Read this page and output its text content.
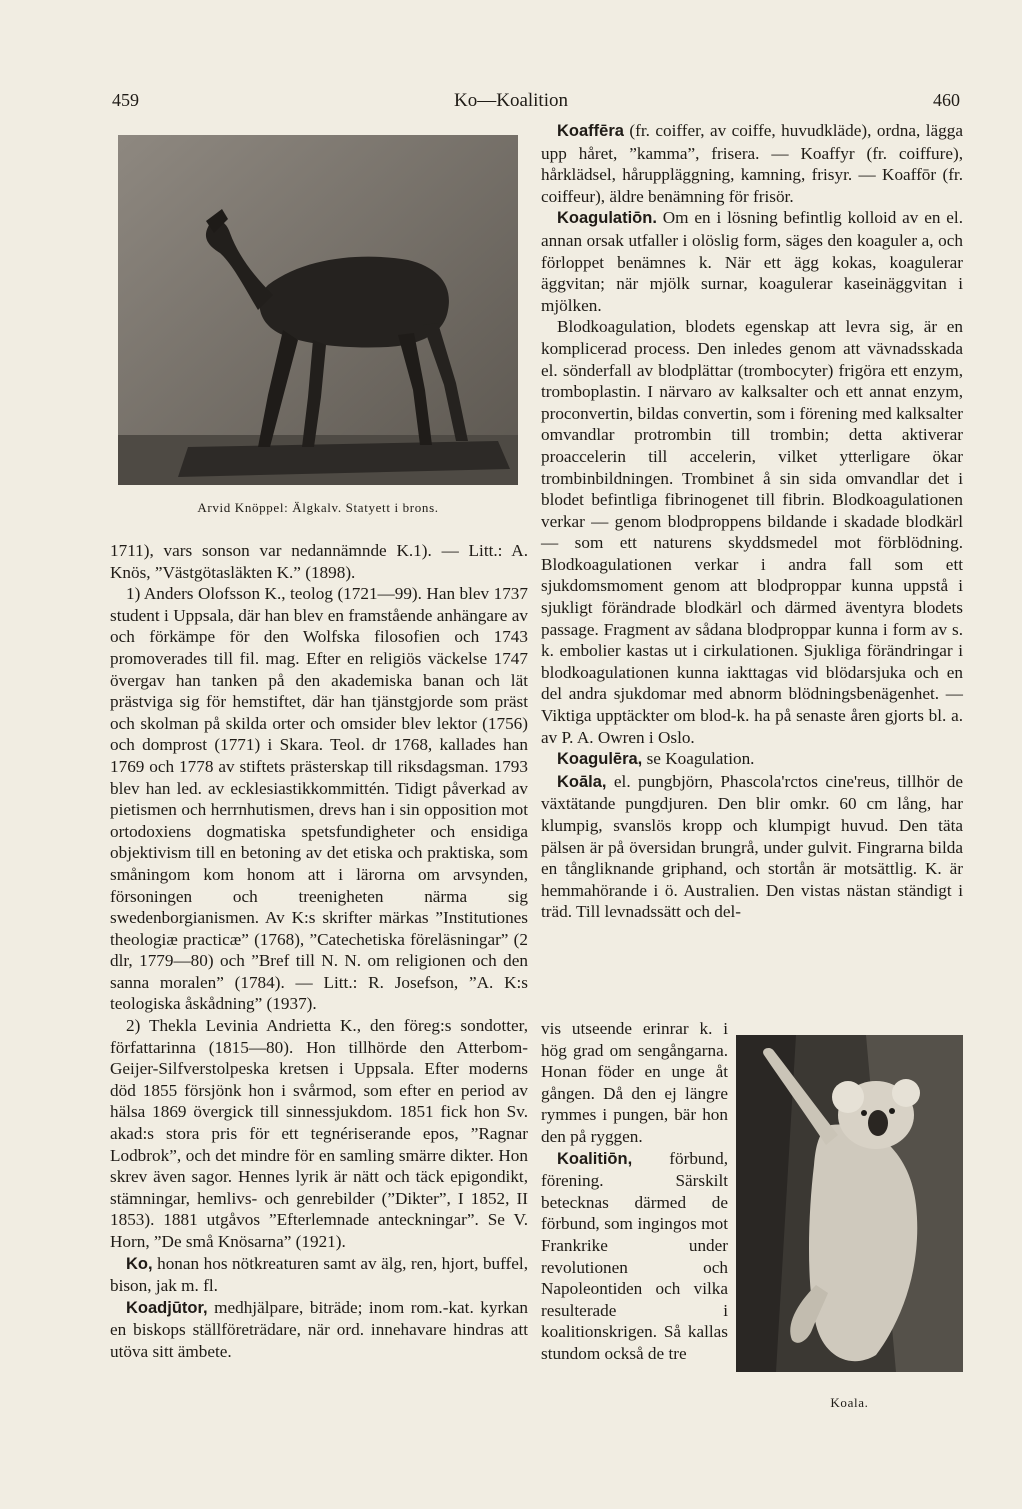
459	Ko—Koalition	460
Arvid Knöppel: Älgkalv. Statyett i brons.

1711), vars sonson var nedannämnde K.1). — Litt.: A. Knös, ”Västgötasläkten K.” (1898).

1) Anders Olofsson K., teolog (1721—99). Han blev 1737 student i Uppsala, där han blev en framstående anhängare av och förkämpe för den Wolfska filosofien och 1743 promoverades till fil. mag. Efter en religiös väckelse 1747 övergav han tanken på den akademiska banan och lät prästviga sig för hemstiftet, där han tjänstgjorde som präst och skolman på skilda orter och omsider blev lektor (1756) och domprost (1771) i Skara. Teol. dr 1768, kallades han 1769 och 1778 av stiftets prästerskap till riksdagsman. 1793 blev han led. av ecklesiastikkommittén. Tidigt påverkad av pietismen och herrnhutismen, drevs han i sin opposition mot ortodoxiens dogmatiska spetsfundigheter och ensidiga objektivism till en betoning av det etiska och praktiska, som småningom kom honom att i lärorna om arvsynden, försoningen och treenigheten närma sig swedenborgianismen. Av K:s skrifter märkas ”Institutiones theologiæ practicæ” (1768), ”Catechetiska föreläsningar” (2 dlr, 1779—80) och ”Bref till N. N. om religionen och den sanna moralen” (1784). — Litt.: R. Josefson, ”A. K:s teologiska åskådning” (1937).

2) Thekla Levinia Andrietta K., den föreg:s sondotter, författarinna (1815—80). Hon tillhörde den Atterbom-Geijer-Silfverstolpeska kretsen i Uppsala. Efter moderns död 1855 försjönk hon i svårmod, som efter en period av hälsa 1869 övergick till sinnessjukdom. 1851 fick hon Sv. akad:s stora pris för ett tegnériserande epos, ”Ragnar Lodbrok”, och det mindre för en samling smärre dikter. Hon skrev även sagor. Hennes lyrik är nätt och täck epigondikt, stämningar, hemlivs- och genrebilder (”Dikter”, I 1852, II 1853). 1881 utgåvos ”Efterlemnade anteckningar”. Se V. Horn, ”De små Knösarna” (1921).

Ko, honan hos nötkreaturen samt av älg, ren, hjort, buffel, bison, jak m. fl.

Koadjūtor, medhjälpare, biträde; inom rom.-kat. kyrkan en biskops ställföreträdare, när ord. innehavare hindras att utöva sitt ämbete.

Koaffēra (fr. coiffer, av coiffe, huvudkläde), ordna, lägga upp håret, ”kamma”, frisera. — Koaffyr (fr. coiffure), hårklädsel, håruppläggning, kamning, frisyr. — Koaffōr (fr. coiffeur), äldre benämning för frisör.

Koagulatiōn. Om en i lösning befintlig kolloid av en el. annan orsak utfaller i olöslig form, säges den koaguler a, och förloppet benämnes k. När ett ägg kokas, koagulerar äggvitan; när mjölk surnar, koagulerar kaseinäggvitan i mjölken.

Blodkoagulation, blodets egenskap att levra sig, är en komplicerad process. Den inledes genom att vävnadsskada el. sönderfall av blodplättar (trombocyter) frigöra ett enzym, tromboplastin. I närvaro av kalksalter och ett annat enzym, proconvertin, bildas convertin, som i förening med kalksalter omvandlar protrombin till trombin; detta aktiverar proaccelerin till accelerin, vilket ytterligare ökar trombinbildningen. Trombinet å sin sida omvandlar det i blodet befintliga fibrinogenet till fibrin. Blodkoagulationen verkar — genom blodproppens bildande i skadade blodkärl — som ett naturens skyddsmedel mot förblödning. Blodkoagulationen verkar i andra fall som ett sjukdomsmoment genom att blodproppar kunna uppstå i sjukligt förändrade blodkärl och därmed äventyra blodets passage. Fragment av sådana blodproppar kunna i form av s. k. embolier kastas ut i cirkulationen. Sjukliga förändringar i blodkoagulationen kunna iakttagas vid blödarsjuka och en del andra sjukdomar med abnorm blödningsbenägenhet. — Viktiga upptäckter om blod-k. ha på senaste åren gjorts bl. a. av P. A. Owren i Oslo.

Koagulēra, se Koagulation.

Koāla, el. pungbjörn, Phascola'rctos cine'reus, tillhör de växtätande pungdjuren. Den blir omkr. 60 cm lång, har klumpig, svanslös kropp och klumpigt huvud. Den täta pälsen är på översidan brungrå, under gulvit. Fingrarna bilda en tångliknande griphand, och stortån är motsättlig. K. är hemmahörande i ö. Australien. Den vistas nästan ständigt i träd. Till levnadssätt och del-

vis utseende erinrar k. i hög grad om sengångarna. Honan föder en unge åt gången. Då den ej längre rymmes i pungen, bär hon den på ryggen.

Koalitiōn, förbund, förening. Särskilt betecknas därmed de förbund, som ingingos mot Frankrike under revolutionen och Napoleontiden och vilka resulterade i koalitionskrigen. Så kallas stundom också de tre

Koala.
